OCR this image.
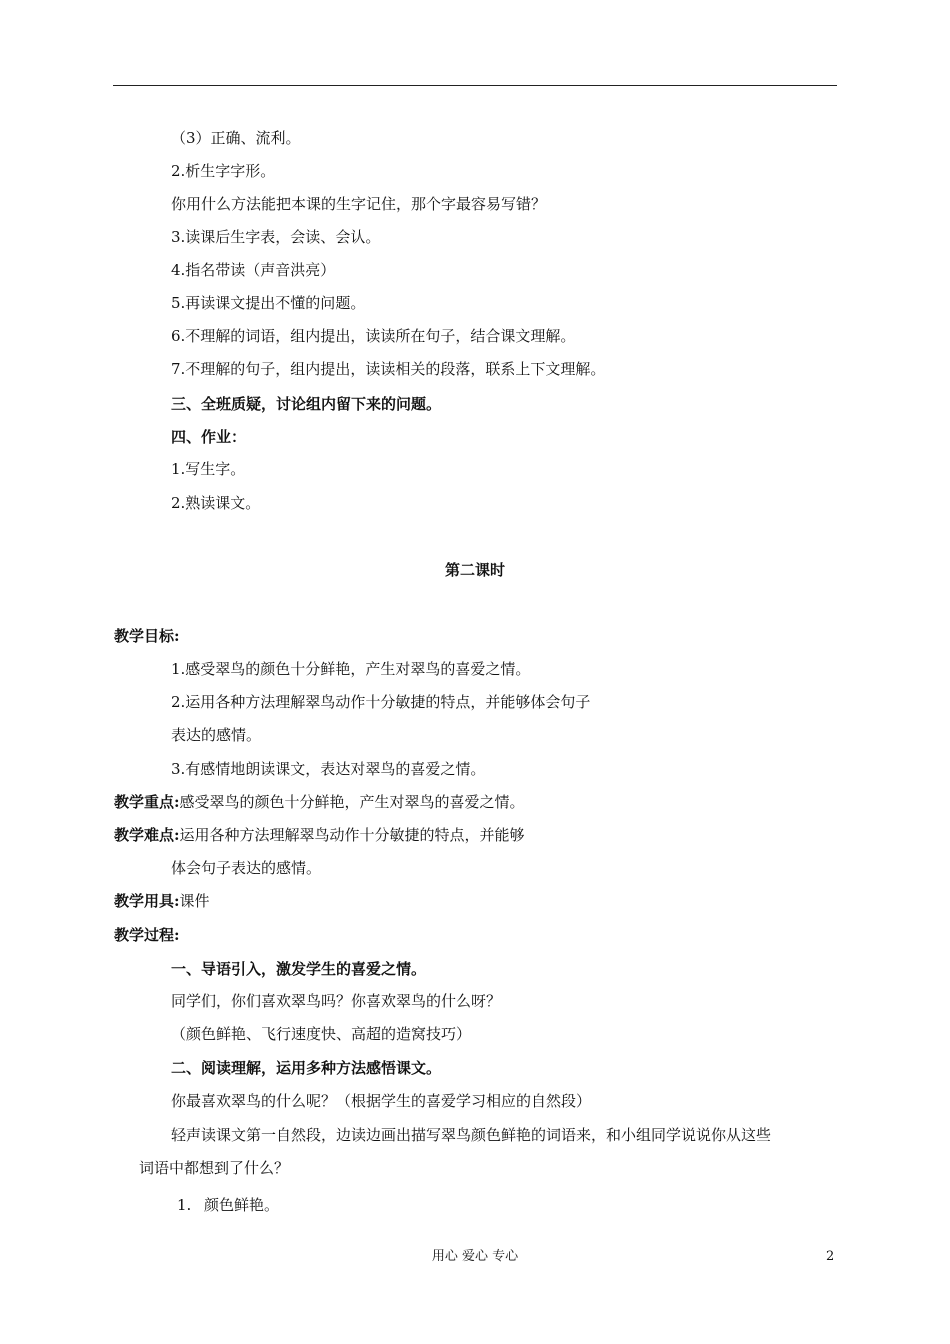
（3）正确、流利。
2.析生字字形。
你用什么方法能把本课的生字记住，那个字最容易写错？
3.读课后生字表，会读、会认。
4.指名带读（声音洪亮）
5.再读课文提出不懂的问题。
6.不理解的词语，组内提出，读读所在句子，结合课文理解。
7.不理解的句子，组内提出，读读相关的段落，联系上下文理解。
三、全班质疑，讨论组内留下来的问题。
四、作业：
1.写生字。
2.熟读课文。
第二课时
教学目标:
1.感受翠鸟的颜色十分鲜艳，产生对翠鸟的喜爱之情。
2.运用各种方法理解翠鸟动作十分敏捷的特点，并能够体会句子
表达的感情。
3.有感情地朗读课文，表达对翠鸟的喜爱之情。
教学重点:感受翠鸟的颜色十分鲜艳，产生对翠鸟的喜爱之情。
教学难点:运用各种方法理解翠鸟动作十分敏捷的特点，并能够
体会句子表达的感情。
教学用具:课件
教学过程:
一、导语引入，激发学生的喜爱之情。
同学们，你们喜欢翠鸟吗？你喜欢翠鸟的什么呀？
（颜色鲜艳、飞行速度快、高超的造窝技巧）
二、阅读理解，运用多种方法感悟课文。
你最喜欢翠鸟的什么呢？（根据学生的喜爱学习相应的自然段）
轻声读课文第一自然段，边读边画出描写翠鸟颜色鲜艳的词语来，和小组同学说说你从这些
词语中都想到了什么？
1. 颜色鲜艳。
用心 爱心 专心	2
